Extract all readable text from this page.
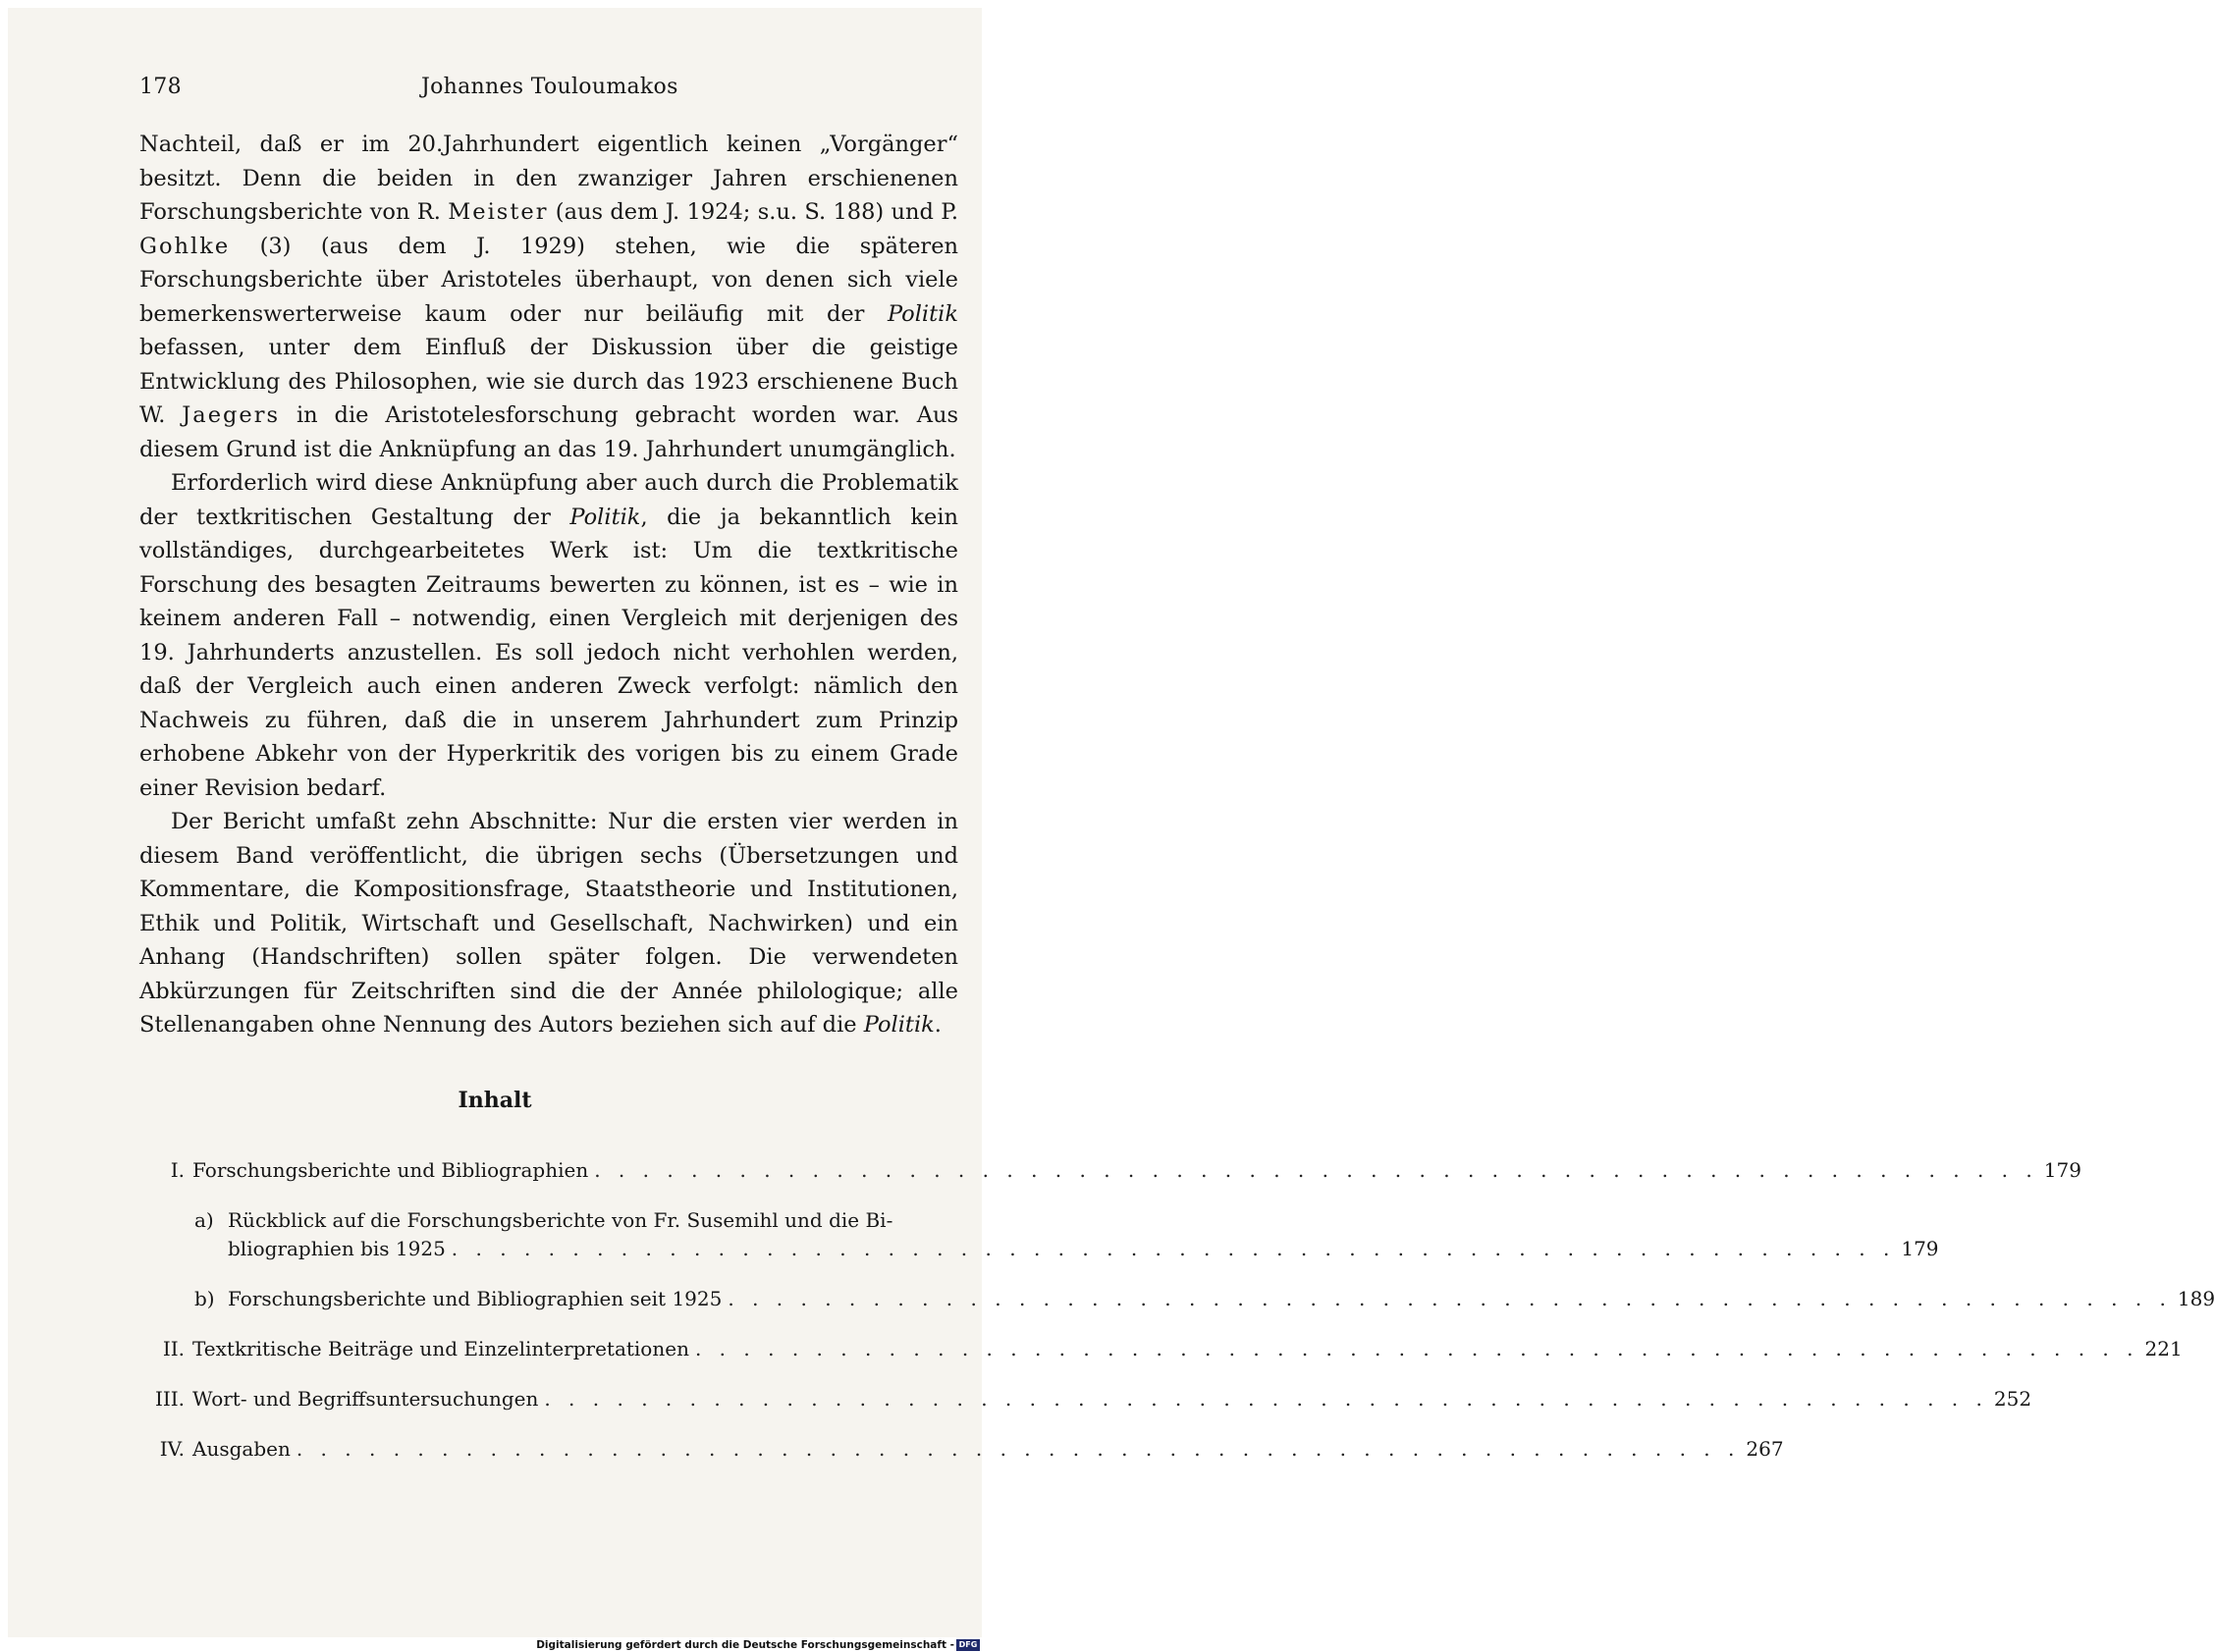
178	Johannes Touloumakos

Nachteil, daß er im 20.Jahrhundert eigentlich keinen „Vorgänger“ besitzt. Denn die beiden in den zwanziger Jahren erschienenen Forschungsberichte von R. Meister (aus dem J. 1924; s.u. S. 188) und P. Gohlke (3) (aus dem J. 1929) stehen, wie die späteren Forschungsberichte über Aristoteles überhaupt, von denen sich viele bemerkenswerterweise kaum oder nur beiläufig mit der Politik befassen, unter dem Einfluß der Diskussion über die geistige Entwicklung des Philosophen, wie sie durch das 1923 erschienene Buch W. Jaegers in die Aristotelesforschung gebracht worden war. Aus diesem Grund ist die Anknüpfung an das 19. Jahrhundert unumgänglich.

Erforderlich wird diese Anknüpfung aber auch durch die Problematik der textkritischen Gestaltung der Politik, die ja bekanntlich kein vollständiges, durchgearbeitetes Werk ist: Um die textkritische Forschung des besagten Zeitraums bewerten zu können, ist es – wie in keinem anderen Fall – notwendig, einen Vergleich mit derjenigen des 19. Jahrhunderts anzustellen. Es soll jedoch nicht verhohlen werden, daß der Vergleich auch einen anderen Zweck verfolgt: nämlich den Nachweis zu führen, daß die in unserem Jahrhundert zum Prinzip erhobene Abkehr von der Hyperkritik des vorigen bis zu einem Grade einer Revision bedarf.

Der Bericht umfaßt zehn Abschnitte: Nur die ersten vier werden in diesem Band veröffentlicht, die übrigen sechs (Übersetzungen und Kommentare, die Kompositionsfrage, Staatstheorie und Institutionen, Ethik und Politik, Wirtschaft und Gesellschaft, Nachwirken) und ein Anhang (Handschriften) sollen später folgen. Die verwendeten Abkürzungen für Zeitschriften sind die der Année philologique; alle Stellenangaben ohne Nennung des Autors beziehen sich auf die Politik.

Inhalt
I. Forschungsberichte und Bibliographien . . . . . . . . . . . . . . . . . . . . . . . . . . . . . . . . . . . . . . . . . . . . . . . . . . . . . . . . . . . . 179
a) Rückblick auf die Forschungsberichte von Fr. Susemihl und die Bi-
bliographien bis 1925 . . . . . . . . . . . . . . . . . . . . . . . . . . . . . . . . . . . . . . . . . . . . . . . . . . . . . . . . . . . . 179
b) Forschungsberichte und Bibliographien seit 1925 . . . . . . . . . . . . . . . . . . . . . . . . . . . . . . . . . . . . . . . . . . . . . . . . . . . . . . . . . . . . 189
II. Textkritische Beiträge und Einzelinterpretationen . . . . . . . . . . . . . . . . . . . . . . . . . . . . . . . . . . . . . . . . . . . . . . . . . . . . . . . . . . . . 221
III. Wort- und Begriffsuntersuchungen . . . . . . . . . . . . . . . . . . . . . . . . . . . . . . . . . . . . . . . . . . . . . . . . . . . . . . . . . . . . 252
IV. Ausgaben . . . . . . . . . . . . . . . . . . . . . . . . . . . . . . . . . . . . . . . . . . . . . . . . . . . . . . . . . . . . 267
Digitalisierung gefördert durch die Deutsche Forschungsgemeinschaft - DFG
